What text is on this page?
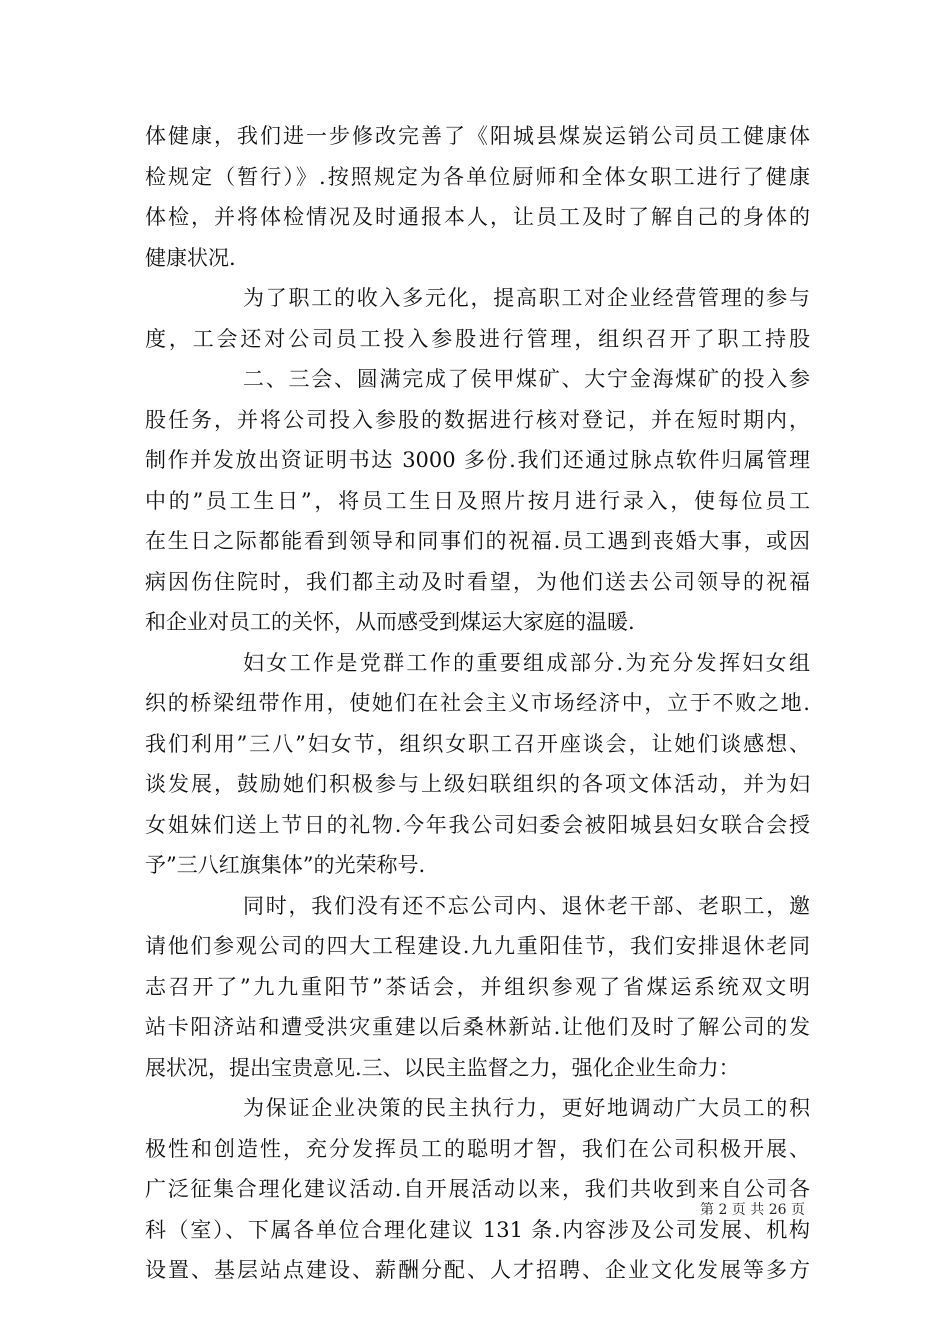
体健康，我们进一步修改完善了《阳城县煤炭运销公司员工健康体
检规定（暂行）》.按照规定为各单位厨师和全体女职工进行了健康
体检，并将体检情况及时通报本人，让员工及时了解自己的身体的
健康状况.
为了职工的收入多元化，提高职工对企业经营管理的参与
度，工会还对公司员工投入参股进行管理，组织召开了职工持股
二、三会、圆满完成了侯甲煤矿、大宁金海煤矿的投入参
股任务，并将公司投入参股的数据进行核对登记，并在短时期内，
制作并发放出资证明书达 3000 多份.我们还通过脉点软件归属管理
中的”员工生日”，将员工生日及照片按月进行录入，使每位员工
在生日之际都能看到领导和同事们的祝福.员工遇到丧婚大事，或因
病因伤住院时，我们都主动及时看望，为他们送去公司领导的祝福
和企业对员工的关怀，从而感受到煤运大家庭的温暖.
妇女工作是党群工作的重要组成部分.为充分发挥妇女组
织的桥梁纽带作用，使她们在社会主义市场经济中，立于不败之地.
我们利用”三八”妇女节，组织女职工召开座谈会，让她们谈感想、
谈发展，鼓励她们积极参与上级妇联组织的各项文体活动，并为妇
女姐妹们送上节日的礼物.今年我公司妇委会被阳城县妇女联合会授
予”三八红旗集体”的光荣称号.
同时，我们没有还不忘公司内、退休老干部、老职工，邀
请他们参观公司的四大工程建设.九九重阳佳节，我们安排退休老同
志召开了”九九重阳节”茶话会，并组织参观了省煤运系统双文明
站卡阳济站和遭受洪灾重建以后桑林新站.让他们及时了解公司的发
展状况，提出宝贵意见.三、以民主监督之力，强化企业生命力：
为保证企业决策的民主执行力，更好地调动广大员工的积
极性和创造性，充分发挥员工的聪明才智，我们在公司积极开展、
广泛征集合理化建议活动.自开展活动以来，我们共收到来自公司各
科（室）、下属各单位合理化建议 131 条.内容涉及公司发展、机构
设置、基层站点建设、薪酬分配、人才招聘、企业文化发展等多方
第 2 页 共 26 页
